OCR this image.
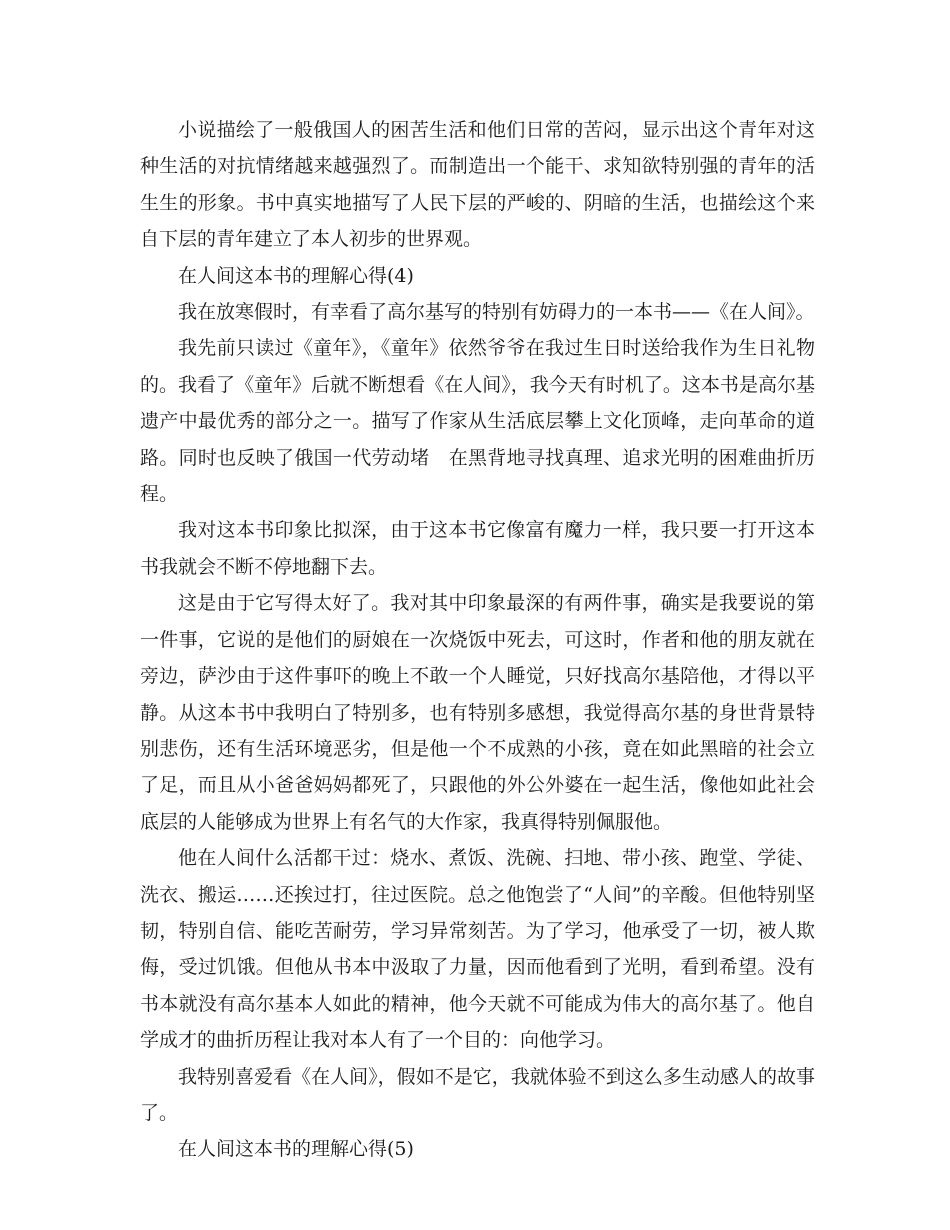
小说描绘了一般俄国人的困苦生活和他们日常的苦闷，显示出这个青年对这种生活的对抗情绪越来越强烈了。而制造出一个能干、求知欲特别强的青年的活生生的形象。书中真实地描写了人民下层的严峻的、阴暗的生活，也描绘这个来自下层的青年建立了本人初步的世界观。

在人间这本书的理解心得(4)

我在放寒假时，有幸看了高尔基写的特别有妨碍力的一本书——《在人间》。

我先前只读过《童年》，《童年》依然爷爷在我过生日时送给我作为生日礼物的。我看了《童年》后就不断想看《在人间》，我今天有时机了。这本书是高尔基遗产中最优秀的部分之一。描写了作家从生活底层攀上文化顶峰，走向革命的道路。同时也反映了俄国一代劳动堵　在黑背地寻找真理、追求光明的困难曲折历程。

我对这本书印象比拟深，由于这本书它像富有魔力一样，我只要一打开这本书我就会不断不停地翻下去。

这是由于它写得太好了。我对其中印象最深的有两件事，确实是我要说的第一件事，它说的是他们的厨娘在一次烧饭中死去，可这时，作者和他的朋友就在旁边，萨沙由于这件事吓的晚上不敢一个人睡觉，只好找高尔基陪他，才得以平静。从这本书中我明白了特别多，也有特别多感想，我觉得高尔基的身世背景特别悲伤，还有生活环境恶劣，但是他一个不成熟的小孩，竟在如此黑暗的社会立了足，而且从小爸爸妈妈都死了，只跟他的外公外婆在一起生活，像他如此社会底层的人能够成为世界上有名气的大作家，我真得特别佩服他。

他在人间什么活都干过：烧水、煮饭、洗碗、扫地、带小孩、跑堂、学徒、洗衣、搬运……还挨过打，往过医院。总之他饱尝了“人间”的辛酸。但他特别坚韧，特别自信、能吃苦耐劳，学习异常刻苦。为了学习，他承受了一切，被人欺侮，受过饥饿。但他从书本中汲取了力量，因而他看到了光明，看到希望。没有书本就没有高尔基本人如此的精神，他今天就不可能成为伟大的高尔基了。他自学成才的曲折历程让我对本人有了一个目的：向他学习。

我特别喜爱看《在人间》，假如不是它，我就体验不到这么多生动感人的故事了。

在人间这本书的理解心得(5)
